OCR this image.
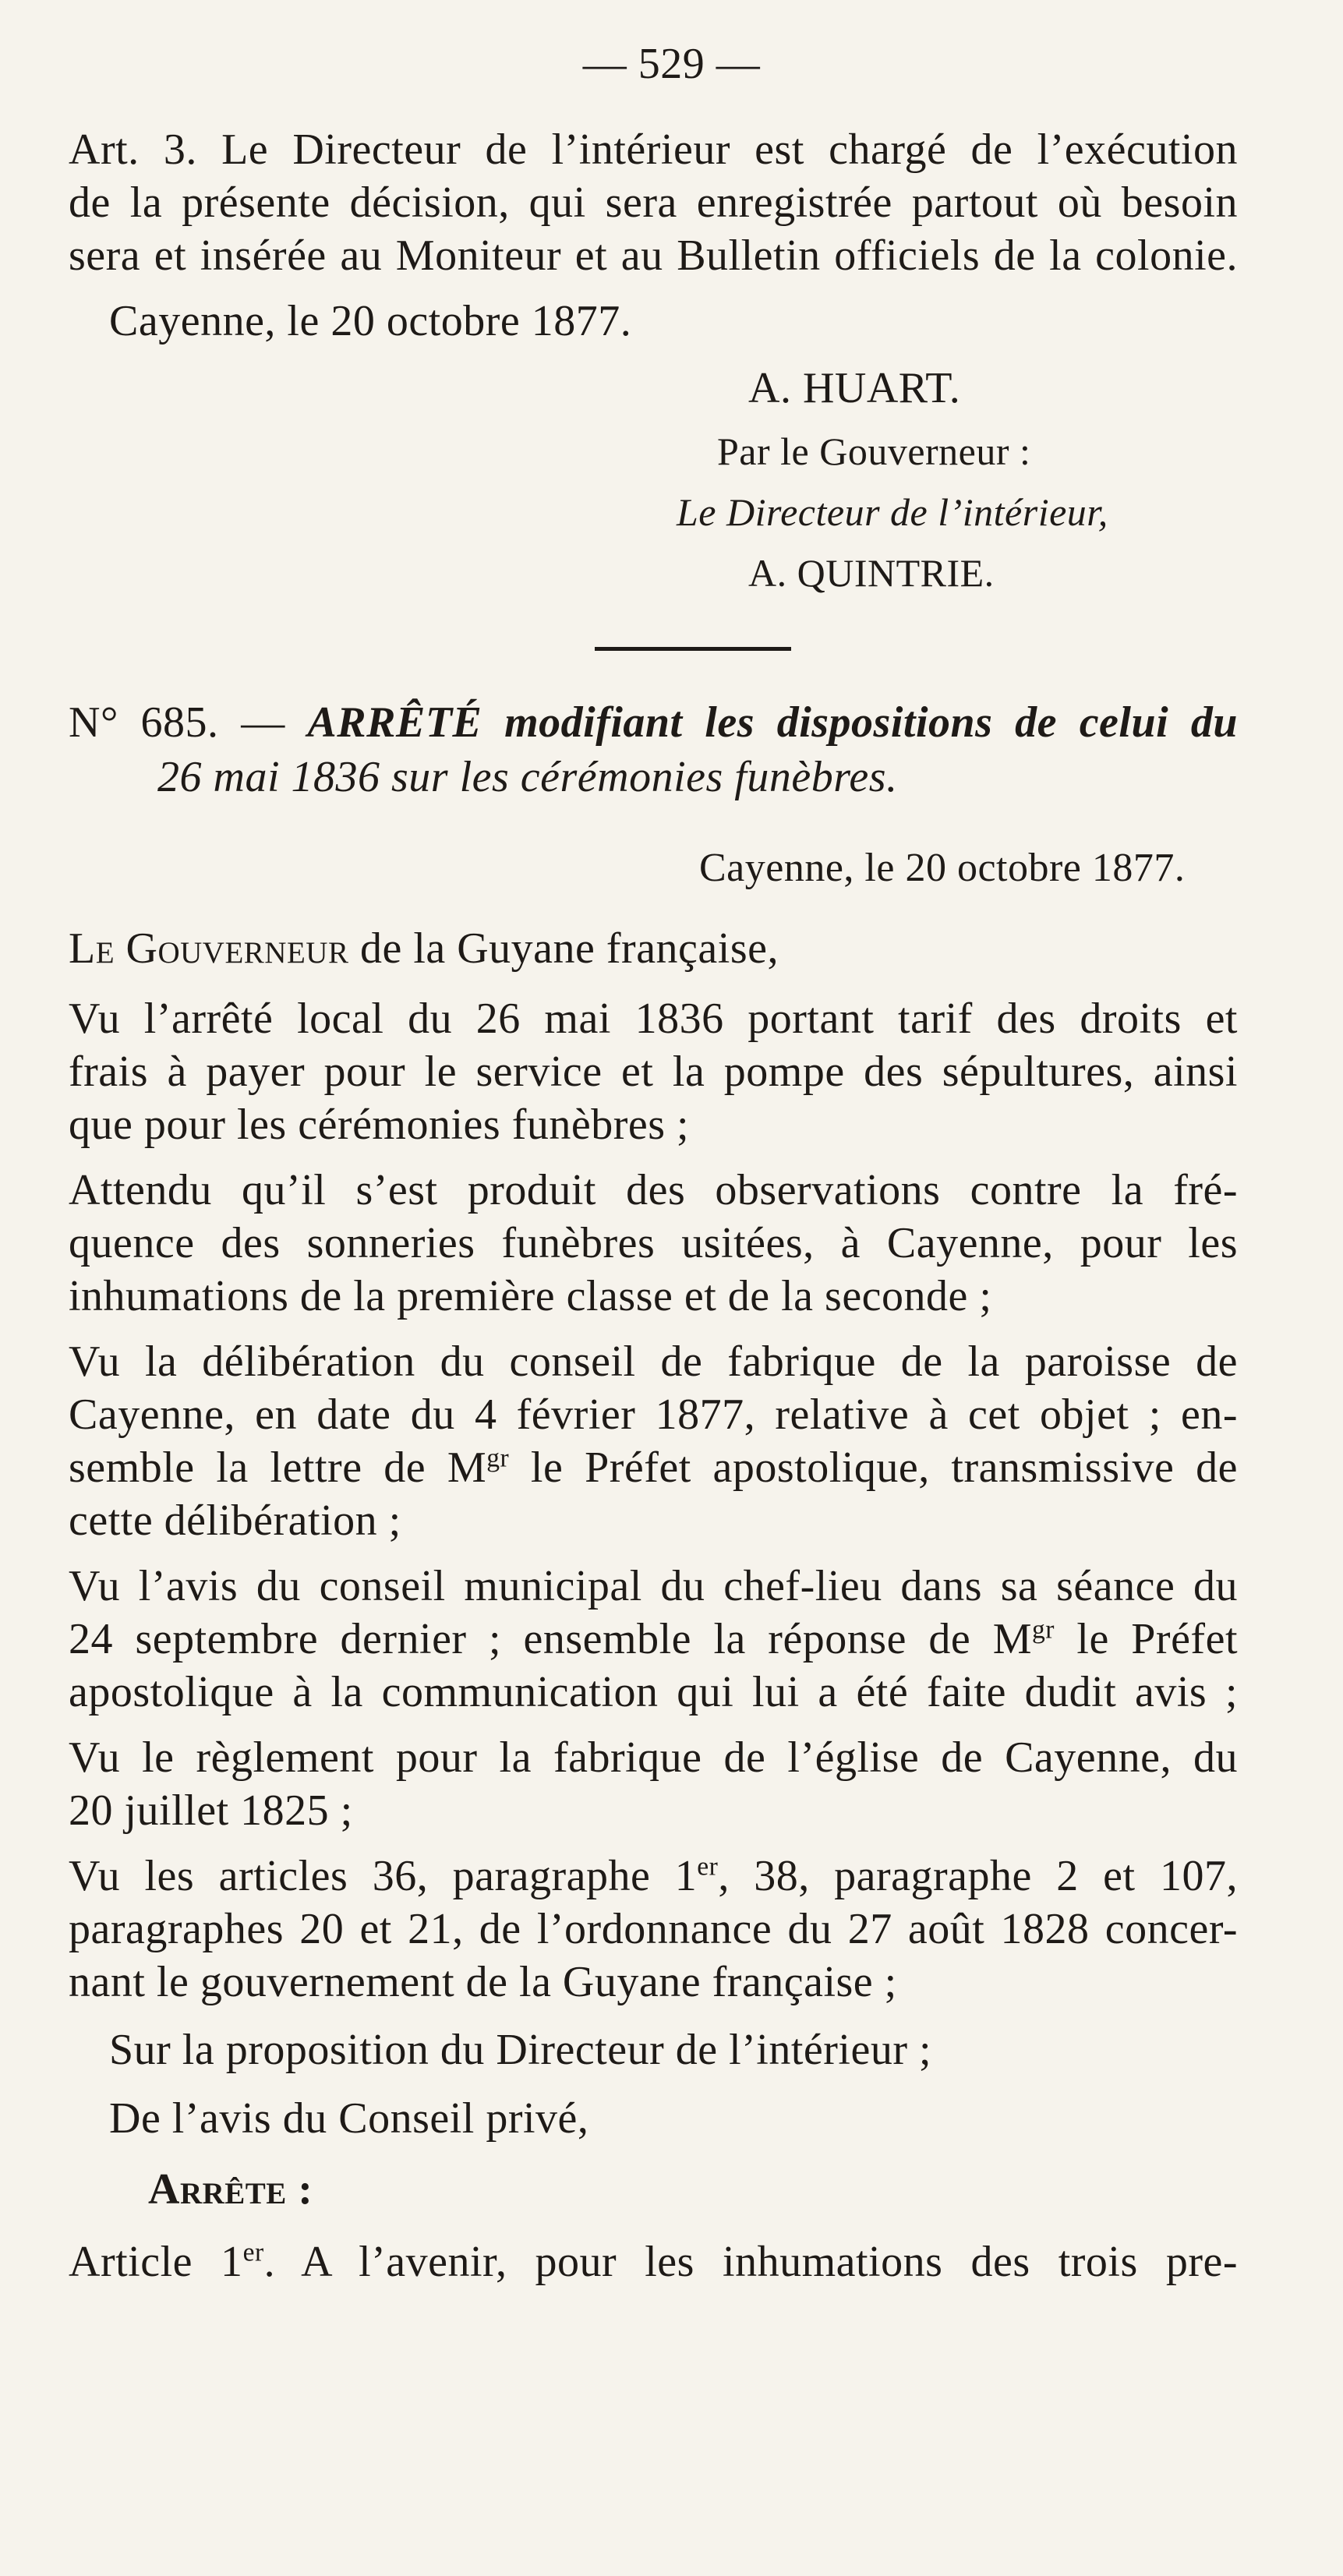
— 529 —
Art. 3. Le Directeur de l’intérieur est chargé de l’exécution
de la présente décision, qui sera enregistrée partout où besoin
sera et insérée au Moniteur et au Bulletin officiels de la colonie.
Cayenne, le 20 octobre 1877.
A. HUART.
Par le Gouverneur :
Le Directeur de l’intérieur,
A. QUINTRIE.
N° 685. — ARRÊTÉ modifiant les dispositions de celui du
26 mai 1836 sur les cérémonies funèbres.
Cayenne, le 20 octobre 1877.
Le Gouverneur de la Guyane française,
Vu l’arrêté local du 26 mai 1836 portant tarif des droits et
frais à payer pour le service et la pompe des sépultures, ainsi
que pour les cérémonies funèbres ;
Attendu qu’il s’est produit des observations contre la fré-
quence des sonneries funèbres usitées, à Cayenne, pour les
inhumations de la première classe et de la seconde ;
Vu la délibération du conseil de fabrique de la paroisse de
Cayenne, en date du 4 février 1877, relative à cet objet ; en-
semble la lettre de $M^{gr}$ le Préfet apostolique, transmissive de
cette délibération ;
Vu l’avis du conseil municipal du chef-lieu dans sa séance du
24 septembre dernier ; ensemble la réponse de $M^{gr}$ le Préfet
apostolique à la communication qui lui a été faite dudit avis ;
Vu le règlement pour la fabrique de l’église de Cayenne, du
20 juillet 1825 ;
Vu les articles 36, paragraphe 1er, 38, paragraphe 2 et 107,
paragraphes 20 et 21, de l’ordonnance du 27 août 1828 concer-
nant le gouvernement de la Guyane française ;
Sur la proposition du Directeur de l’intérieur ;
De l’avis du Conseil privé,
Arrête :
Article 1er. A l’avenir, pour les inhumations des trois pre-
